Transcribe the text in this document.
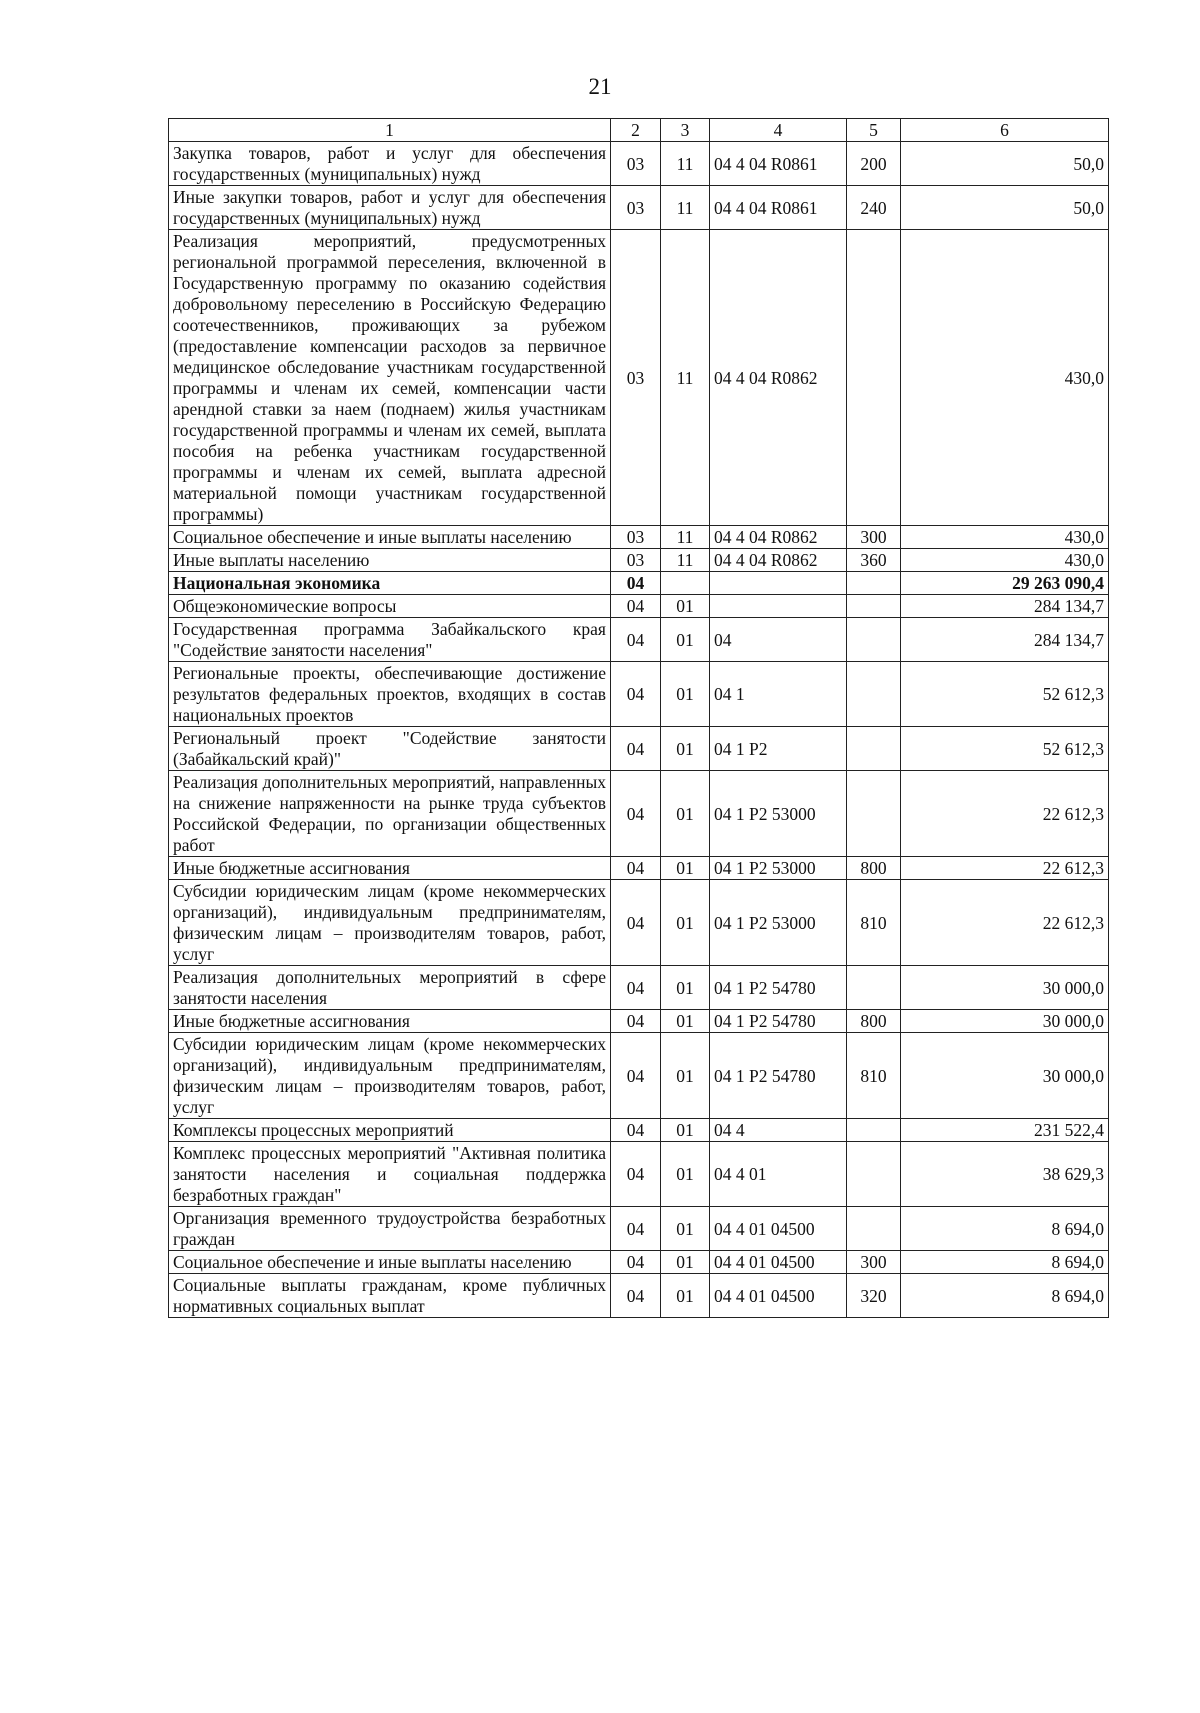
21
1	2	3	4	5	6
Закупка товаров, работ и услуг для обеспечения государственных (муниципальных) нужд	03	11	04 4 04 R0861	200	50,0
Иные закупки товаров, работ и услуг для обеспечения государственных (муниципальных) нужд	03	11	04 4 04 R0861	240	50,0
Реализация мероприятий, предусмотренных региональной программой переселения, включенной в Государственную программу по оказанию содействия добровольному переселению в Российскую Федерацию соотечественников, проживающих за рубежом (предоставление компенсации расходов за первичное медицинское обследование участникам государственной программы и членам их семей, компенсации части арендной ставки за наем (поднаем) жилья участникам государственной программы и членам их семей, выплата пособия на ребенка участникам государственной программы и членам их семей, выплата адресной материальной помощи участникам государственной программы)	03	11	04 4 04 R0862		430,0
Социальное обеспечение и иные выплаты населению	03	11	04 4 04 R0862	300	430,0
Иные выплаты населению	03	11	04 4 04 R0862	360	430,0
Национальная экономика	04				29 263 090,4
Общеэкономические вопросы	04	01			284 134,7
Государственная программа Забайкальского края "Содействие занятости населения"	04	01	04		284 134,7
Региональные проекты, обеспечивающие достижение результатов федеральных проектов, входящих в состав национальных проектов	04	01	04 1		52 612,3
Региональный проект "Содействие занятости (Забайкальский край)"	04	01	04 1 P2		52 612,3
Реализация дополнительных мероприятий, направленных на снижение напряженности на рынке труда субъектов Российской Федерации, по организации общественных работ	04	01	04 1 P2 53000		22 612,3
Иные бюджетные ассигнования	04	01	04 1 P2 53000	800	22 612,3
Субсидии юридическим лицам (кроме некоммерческих организаций), индивидуальным предпринимателям, физическим лицам – производителям товаров, работ, услуг	04	01	04 1 P2 53000	810	22 612,3
Реализация дополнительных мероприятий в сфере занятости населения	04	01	04 1 P2 54780		30 000,0
Иные бюджетные ассигнования	04	01	04 1 P2 54780	800	30 000,0
Субсидии юридическим лицам (кроме некоммерческих организаций), индивидуальным предпринимателям, физическим лицам – производителям товаров, работ, услуг	04	01	04 1 P2 54780	810	30 000,0
Комплексы процессных мероприятий	04	01	04 4		231 522,4
Комплекс процессных мероприятий "Активная политика занятости населения и социальная поддержка безработных граждан"	04	01	04 4 01		38 629,3
Организация временного трудоустройства безработных граждан	04	01	04 4 01 04500		8 694,0
Социальное обеспечение и иные выплаты населению	04	01	04 4 01 04500	300	8 694,0
Социальные выплаты гражданам, кроме публичных нормативных социальных выплат	04	01	04 4 01 04500	320	8 694,0
